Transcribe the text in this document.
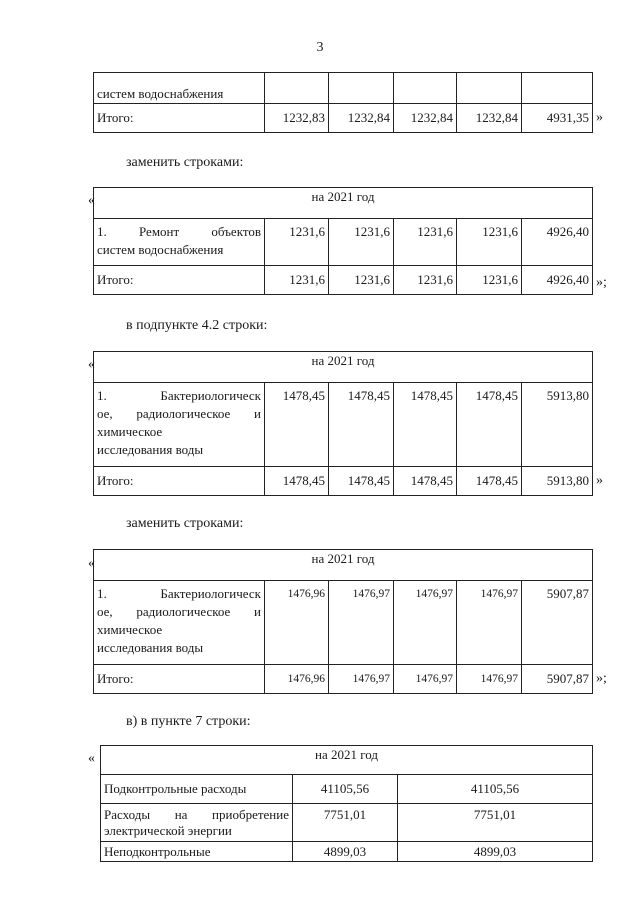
3
систем водоснабжения					
Итого:	1232,83	1232,84	1232,84	1232,84	4931,35 »
заменить строками:
«	на 2021 год					

1. Ремонт объектов
систем водоснабжения	1231,6	1231,6	1231,6	1231,6	4926,40
Итого:	1231,6	1231,6	1231,6	1231,6	4926,40 »;
в подпункте 4.2 строки:
«	на 2021 год					

1. Бактериологическ
ое, радиологическое и
химическое
исследования воды	1478,45	1478,45	1478,45	1478,45	5913,80
Итого:	1478,45	1478,45	1478,45	1478,45	5913,80 »
заменить строками:
«	на 2021 год					

1. Бактериологическ
ое, радиологическое и
химическое
исследования воды	1476,96	1476,97	1476,97	1476,97	5907,87
Итого:	1476,96	1476,97	1476,97	1476,97	5907,87 »;
в) в пункте 7 строки:
«	на 2021 год		
Подконтрольные расходы	41105,56	41105,56

Расходы на приобретение
электрической энергии	7751,01	7751,01
Неподконтрольные	4899,03	4899,03
